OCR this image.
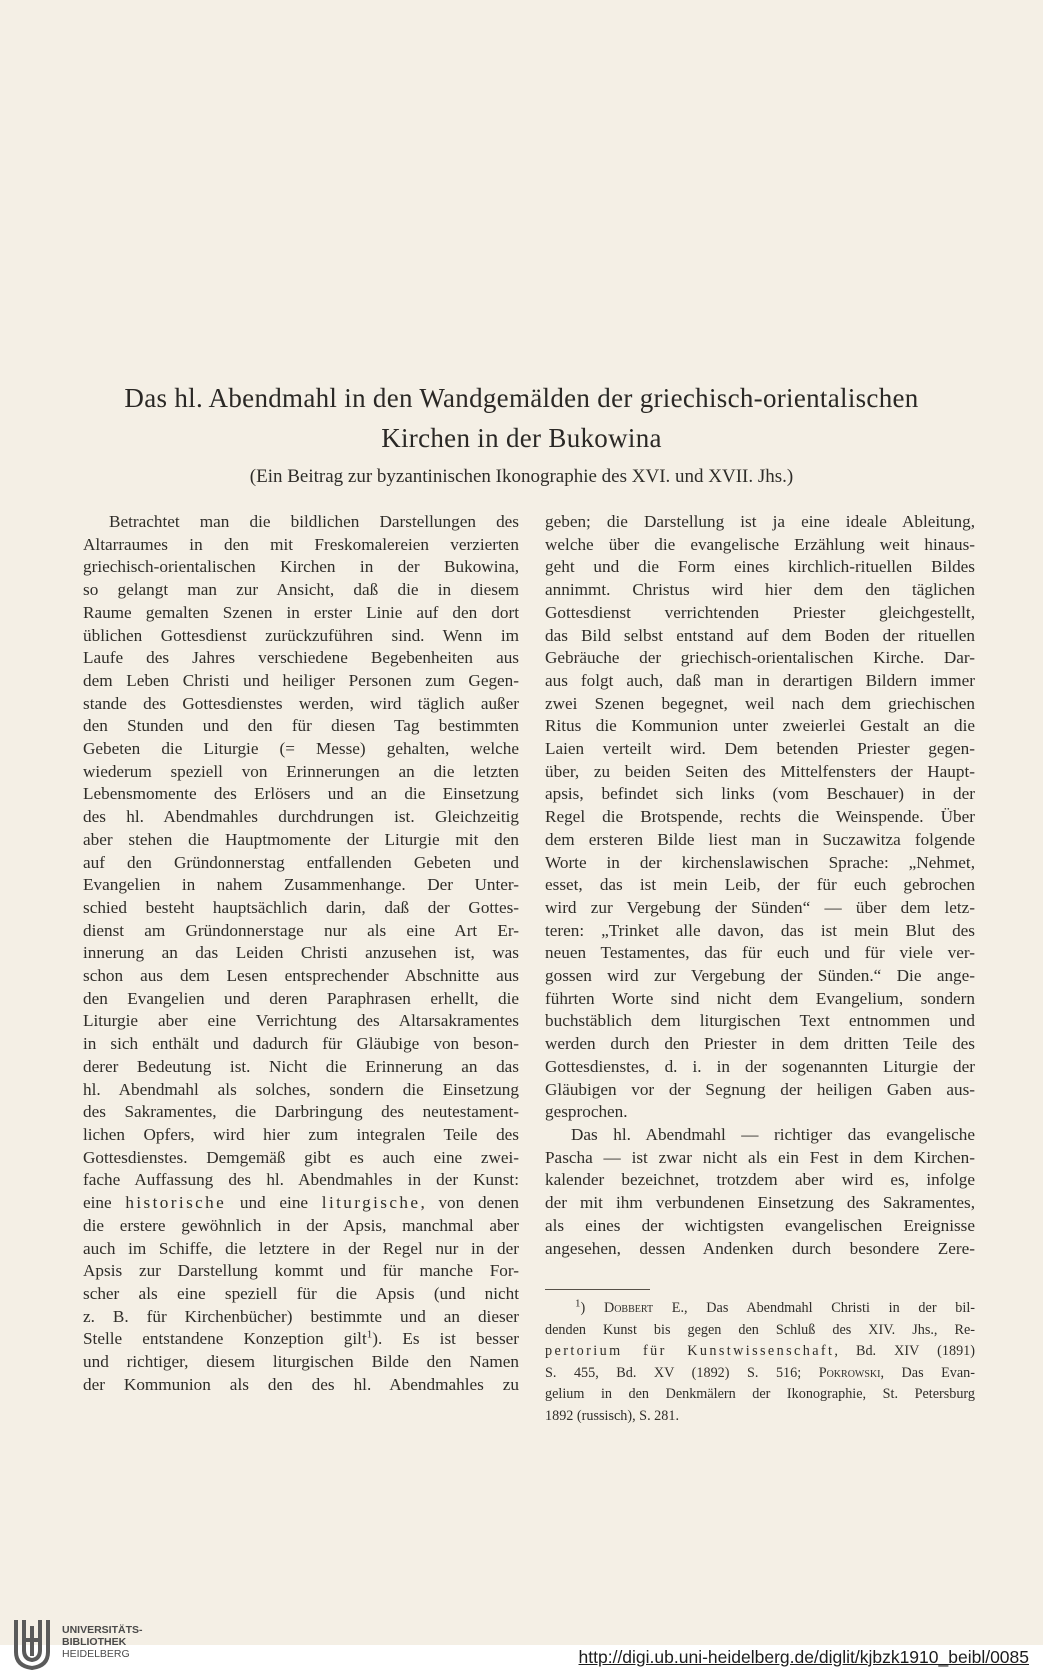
Das hl. Abendmahl in den Wandgemälden der griechisch-orientalischen
Kirchen in der Bukowina
(Ein Beitrag zur byzantinischen Ikonographie des XVI. und XVII. Jhs.)

Betrachtet man die bildlichen Darstellungen des

Altarraumes in den mit Freskomalereien verzierten

griechisch-orientalischen Kirchen in der Bukowina,

so gelangt man zur Ansicht, daß die in diesem

Raume gemalten Szenen in erster Linie auf den dort

üblichen Gottesdienst zurückzuführen sind. Wenn im

Laufe des Jahres verschiedene Begebenheiten aus

dem Leben Christi und heiliger Personen zum Gegen-

stande des Gottesdienstes werden, wird täglich außer

den Stunden und den für diesen Tag bestimmten

Gebeten die Liturgie (= Messe) gehalten, welche

wiederum speziell von Erinnerungen an die letzten

Lebensmomente des Erlösers und an die Einsetzung

des hl. Abendmahles durchdrungen ist. Gleichzeitig

aber stehen die Hauptmomente der Liturgie mit den

auf den Gründonnerstag entfallenden Gebeten und

Evangelien in nahem Zusammenhange. Der Unter-

schied besteht hauptsächlich darin, daß der Gottes-

dienst am Gründonnerstage nur als eine Art Er-

innerung an das Leiden Christi anzusehen ist, was

schon aus dem Lesen entsprechender Abschnitte aus

den Evangelien und deren Paraphrasen erhellt, die

Liturgie aber eine Verrichtung des Altarsakramentes

in sich enthält und dadurch für Gläubige von beson-

derer Bedeutung ist. Nicht die Erinnerung an das

hl. Abendmahl als solches, sondern die Einsetzung

des Sakramentes, die Darbringung des neutestament-

lichen Opfers, wird hier zum integralen Teile des

Gottesdienstes. Demgemäß gibt es auch eine zwei-

fache Auffassung des hl. Abendmahles in der Kunst:

eine historische und eine liturgische, von denen

die erstere gewöhnlich in der Apsis, manchmal aber

auch im Schiffe, die letztere in der Regel nur in der

Apsis zur Darstellung kommt und für manche For-

scher als eine speziell für die Apsis (und nicht

z. B. für Kirchenbücher) bestimmte und an dieser

Stelle entstandene Konzeption gilt$^1$). Es ist besser

und richtiger, diesem liturgischen Bilde den Namen

der Kommunion als den des hl. Abendmahles zu

geben; die Darstellung ist ja eine ideale Ableitung,

welche über die evangelische Erzählung weit hinaus-

geht und die Form eines kirchlich-rituellen Bildes

annimmt. Christus wird hier dem den täglichen

Gottesdienst verrichtenden Priester gleichgestellt,

das Bild selbst entstand auf dem Boden der rituellen

Gebräuche der griechisch-orientalischen Kirche. Dar-

aus folgt auch, daß man in derartigen Bildern immer

zwei Szenen begegnet, weil nach dem griechischen

Ritus die Kommunion unter zweierlei Gestalt an die

Laien verteilt wird. Dem betenden Priester gegen-

über, zu beiden Seiten des Mittelfensters der Haupt-

apsis, befindet sich links (vom Beschauer) in der

Regel die Brotspende, rechts die Weinspende. Über

dem ersteren Bilde liest man in Suczawitza folgende

Worte in der kirchenslawischen Sprache: „Nehmet,

esset, das ist mein Leib, der für euch gebrochen

wird zur Vergebung der Sünden“ — über dem letz-

teren: „Trinket alle davon, das ist mein Blut des

neuen Testamentes, das für euch und für viele ver-

gossen wird zur Vergebung der Sünden.“ Die ange-

führten Worte sind nicht dem Evangelium, sondern

buchstäblich dem liturgischen Text entnommen und

werden durch den Priester in dem dritten Teile des

Gottesdienstes, d. i. in der sogenannten Liturgie der

Gläubigen vor der Segnung der heiligen Gaben aus-

gesprochen.

Das hl. Abendmahl — richtiger das evangelische

Pascha — ist zwar nicht als ein Fest in dem Kirchen-

kalender bezeichnet, trotzdem aber wird es, infolge

der mit ihm verbundenen Einsetzung des Sakramentes,

als eines der wichtigsten evangelischen Ereignisse

angesehen, dessen Andenken durch besondere Zere-

$^1$) Dobbert E., Das Abendmahl Christi in der bil-

denden Kunst bis gegen den Schluß des XIV. Jhs., Re-

pertorium für Kunstwissenschaft, Bd. XIV (1891)

S. 455, Bd. XV (1892) S. 516; Pokrowski, Das Evan-

gelium in den Denkmälern der Ikonographie, St. Petersburg

1892 (russisch), S. 281.

UNIVERSITÄTS-
BIBLIOTHEK
HEIDELBERG	http://digi.ub.uni-heidelberg.de/diglit/kjbzk1910_beibl/0085
